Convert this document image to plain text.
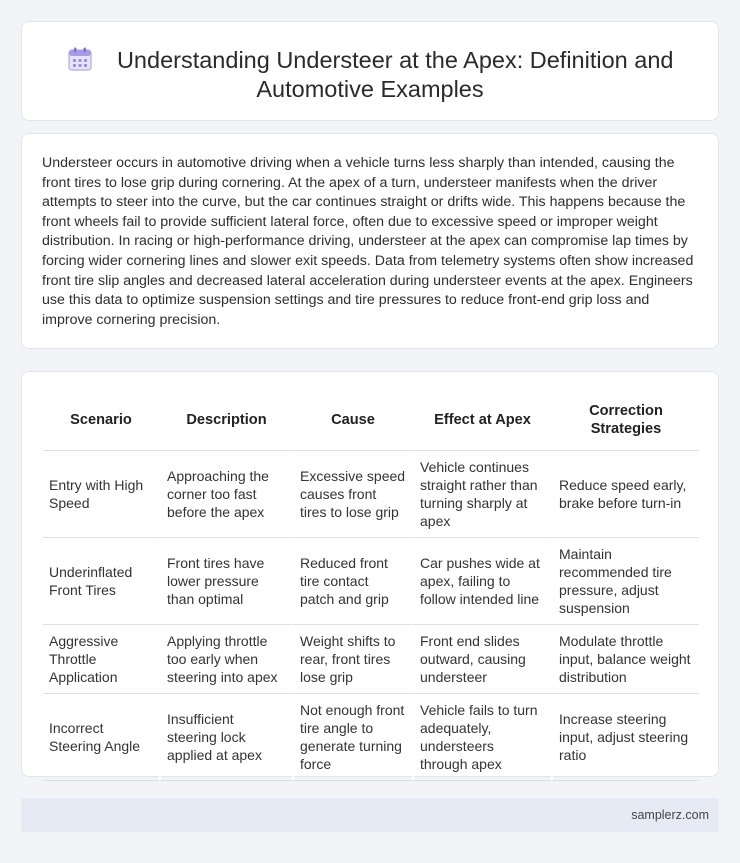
Understanding Understeer at the Apex: Definition and Automotive Examples

Understeer occurs in automotive driving when a vehicle turns less sharply than intended, causing the front tires to lose grip during cornering. At the apex of a turn, understeer manifests when the driver attempts to steer into the curve, but the car continues straight or drifts wide. This happens because the front wheels fail to provide sufficient lateral force, often due to excessive speed or improper weight distribution. In racing or high-performance driving, understeer at the apex can compromise lap times by forcing wider cornering lines and slower exit speeds. Data from telemetry systems often show increased front tire slip angles and decreased lateral acceleration during understeer events at the apex. Engineers use this data to optimize suspension settings and tire pressures to reduce front-end grip loss and improve cornering precision.

Scenario	Description	Cause	Effect at Apex	Correction Strategies
Entry with High Speed	Approaching the corner too fast before the apex	Excessive speed causes front tires to lose grip	Vehicle continues straight rather than turning sharply at apex	Reduce speed early, brake before turn-in
Underinflated Front Tires	Front tires have lower pressure than optimal	Reduced front tire contact patch and grip	Car pushes wide at apex, failing to follow intended line	Maintain recommended tire pressure, adjust suspension
Aggressive Throttle Application	Applying throttle too early when steering into apex	Weight shifts to rear, front tires lose grip	Front end slides outward, causing understeer	Modulate throttle input, balance weight distribution
Incorrect Steering Angle	Insufficient steering lock applied at apex	Not enough front tire angle to generate turning force	Vehicle fails to turn adequately, understeers through apex	Increase steering input, adjust steering ratio
samplerz.com
